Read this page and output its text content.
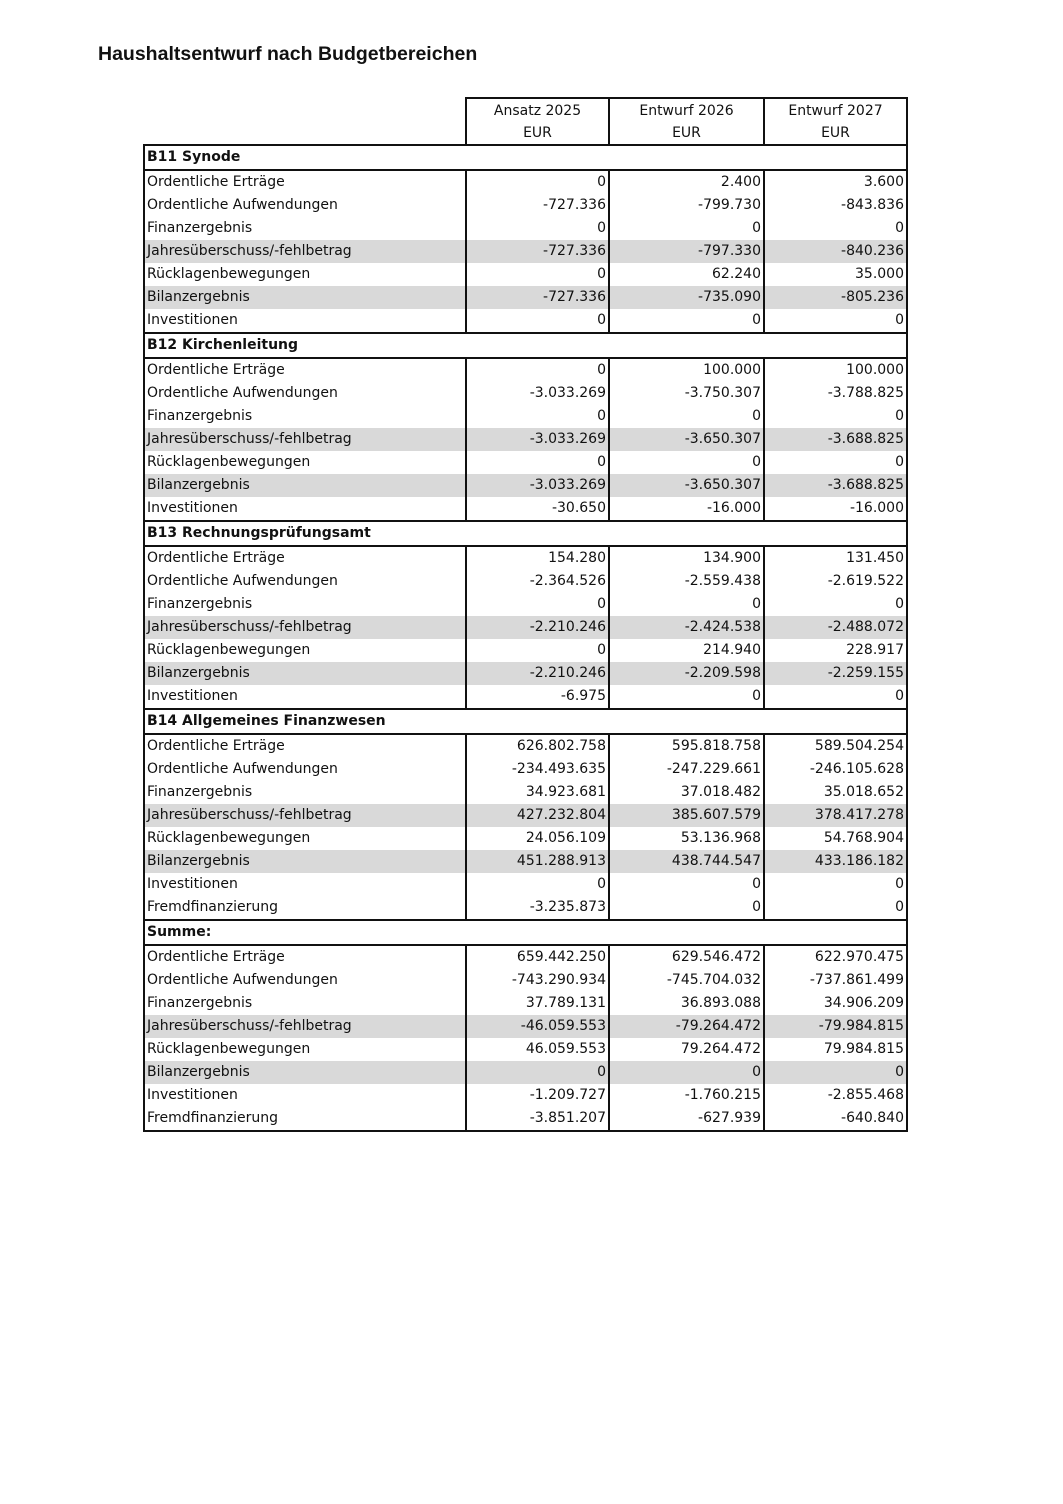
Haushaltsentwurf nach Budgetbereichen
	Ansatz 2025	Entwurf 2026	Entwurf 2027
	EUR	EUR	EUR
B11 Synode			
Ordentliche Erträge	0	2.400	3.600
Ordentliche Aufwendungen	-727.336	-799.730	-843.836
Finanzergebnis	0	0	0
Jahresüberschuss/-fehlbetrag	-727.336	-797.330	-840.236
Rücklagenbewegungen	0	62.240	35.000
Bilanzergebnis	-727.336	-735.090	-805.236
Investitionen	0	0	0
B12 Kirchenleitung			
Ordentliche Erträge	0	100.000	100.000
Ordentliche Aufwendungen	-3.033.269	-3.750.307	-3.788.825
Finanzergebnis	0	0	0
Jahresüberschuss/-fehlbetrag	-3.033.269	-3.650.307	-3.688.825
Rücklagenbewegungen	0	0	0
Bilanzergebnis	-3.033.269	-3.650.307	-3.688.825
Investitionen	-30.650	-16.000	-16.000
B13 Rechnungsprüfungsamt			
Ordentliche Erträge	154.280	134.900	131.450
Ordentliche Aufwendungen	-2.364.526	-2.559.438	-2.619.522
Finanzergebnis	0	0	0
Jahresüberschuss/-fehlbetrag	-2.210.246	-2.424.538	-2.488.072
Rücklagenbewegungen	0	214.940	228.917
Bilanzergebnis	-2.210.246	-2.209.598	-2.259.155
Investitionen	-6.975	0	0
B14 Allgemeines Finanzwesen			
Ordentliche Erträge	626.802.758	595.818.758	589.504.254
Ordentliche Aufwendungen	-234.493.635	-247.229.661	-246.105.628
Finanzergebnis	34.923.681	37.018.482	35.018.652
Jahresüberschuss/-fehlbetrag	427.232.804	385.607.579	378.417.278
Rücklagenbewegungen	24.056.109	53.136.968	54.768.904
Bilanzergebnis	451.288.913	438.744.547	433.186.182
Investitionen	0	0	0
Fremdfinanzierung	-3.235.873	0	0
Summe:			
Ordentliche Erträge	659.442.250	629.546.472	622.970.475
Ordentliche Aufwendungen	-743.290.934	-745.704.032	-737.861.499
Finanzergebnis	37.789.131	36.893.088	34.906.209
Jahresüberschuss/-fehlbetrag	-46.059.553	-79.264.472	-79.984.815
Rücklagenbewegungen	46.059.553	79.264.472	79.984.815
Bilanzergebnis	0	0	0
Investitionen	-1.209.727	-1.760.215	-2.855.468
Fremdfinanzierung	-3.851.207	-627.939	-640.840
